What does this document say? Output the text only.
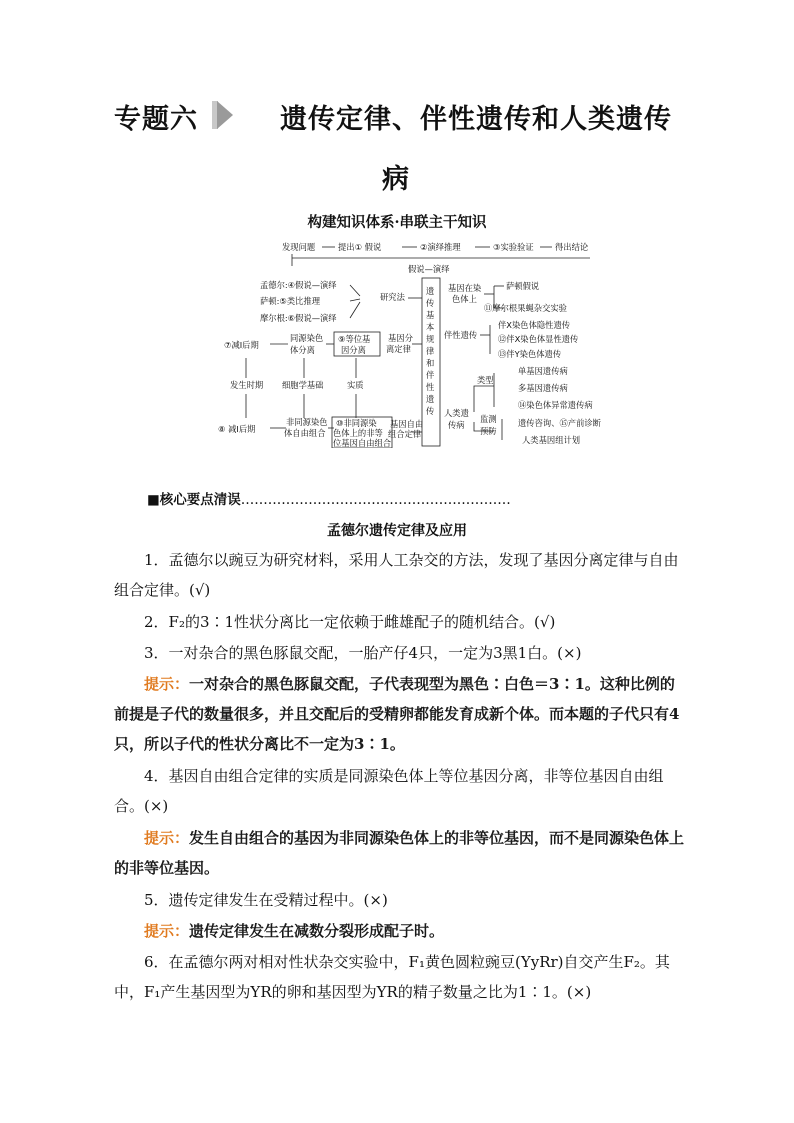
专题六	遗传定律、伴性遗传和人类遗传
病
构建知识体系·串联主干知识
发现问题	提出① 假说	②演绎推理	③实验验证	得出结论
假说—演绎
遗
传
基
本
规
律
和
伴
性
遗
传
孟德尔:④假说—演绎
萨顿:⑤类比推理
摩尔根:⑥假说—演绎
研究法
基因在染
色体上
萨顿假说
⑪摩尔根果蝇杂交实验
伴性遗传
伴X染色体隐性遗传
⑫伴X染色体显性遗传
⑬伴Y染色体遗传
人类遗
传病
类型
单基因遗传病
多基因遗传病
⑭染色体异常遗传病
监测
预防
遗传咨询、⑮产前诊断
人类基因组计划
基因分
离定律
⑨等位基
因分离
同源染色
体分离
⑦减Ⅰ后期
发生时期 细胞学基础	实质
⑧ 减Ⅰ后期
非同源染色
体自由组合
⑩非同源染
色体上的非等
位基因自由组合
基因自由
组合定律
■核心要点清误……………………………………………………
孟德尔遗传定律及应用

1．孟德尔以豌豆为研究材料，采用人工杂交的方法，发现了基因分离定律与自由组合定律。(√)

2．F₂的3∶1性状分离比一定依赖于雌雄配子的随机结合。(√)

3．一对杂合的黑色豚鼠交配，一胎产仔4只，一定为3黑1白。(×)

提示：一对杂合的黑色豚鼠交配，子代表现型为黑色∶白色＝3∶1。这种比例的前提是子代的数量很多，并且交配后的受精卵都能发育成新个体。而本题的子代只有4只，所以子代的性状分离比不一定为3∶1。

4．基因自由组合定律的实质是同源染色体上等位基因分离，非等位基因自由组合。(×)

提示：发生自由组合的基因为非同源染色体上的非等位基因，而不是同源染色体上的非等位基因。

5．遗传定律发生在受精过程中。(×)

提示：遗传定律发生在减数分裂形成配子时。

6．在孟德尔两对相对性状杂交实验中，F₁黄色圆粒豌豆(YyRr)自交产生F₂。其中，F₁产生基因型为YR的卵和基因型为YR的精子数量之比为1∶1。(×)
